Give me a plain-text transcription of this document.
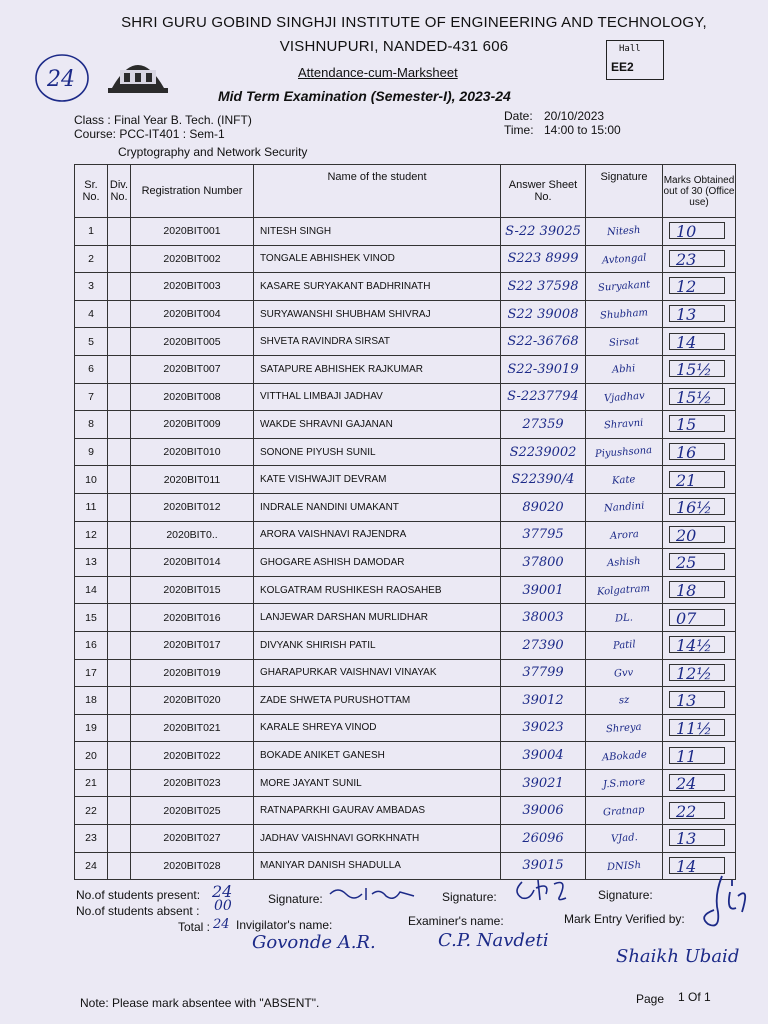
24
SHRI GURU GOBIND SINGHJI INSTITUTE OF ENGINEERING AND TECHNOLOGY,
VISHNUPURI, NANDED-431 606	Hall
EE2
Attendance-cum-Marksheet
Mid Term Examination (Semester-I), 2023-24
Class : Final Year B. Tech. (INFT)
Course: PCC-IT401 : Sem-1
Cryptography and Network Security
Date: 20/10/2023
Time: 14:00 to 15:00
Sr. No.	Div. No.	Registration Number	Name of the student	Answer Sheet No.	Signature	Marks Obtained out of 30 (Office use)
1		2020BIT001	NITESH SINGH	S-22 39025	Nitesh	10
2		2020BIT002	TONGALE ABHISHEK VINOD	S223 8999	Avtongal	23
3		2020BIT003	KASARE SURYAKANT BADHRINATH	S22 37598	Suryakant	12
4		2020BIT004	SURYAWANSHI SHUBHAM SHIVRAJ	S22 39008	Shubham	13
5		2020BIT005	SHVETA RAVINDRA SIRSAT	S22-36768	Sirsat	14
6		2020BIT007	SATAPURE ABHISHEK RAJKUMAR	S22-39019	Abhi	15½
7		2020BIT008	VITTHAL LIMBAJI JADHAV	S-2237794	Vjadhav	15½
8		2020BIT009	WAKDE SHRAVNI GAJANAN	27359	Shravni	15
9		2020BIT010	SONONE PIYUSH SUNIL	S2239002	Piyushsona	16
10		2020BIT011	KATE VISHWAJIT DEVRAM	S22390/4	Kate	21
11		2020BIT012	INDRALE NANDINI UMAKANT	89020	Nandini	16½
12		2020BIT0..	ARORA VAISHNAVI RAJENDRA	37795	Arora	20
13		2020BIT014	GHOGARE ASHISH DAMODAR	37800	Ashish	25
14		2020BIT015	KOLGATRAM RUSHIKESH RAOSAHEB	39001	Kolgatram	18
15		2020BIT016	LANJEWAR DARSHAN MURLIDHAR	38003	DL.	07
16		2020BIT017	DIVYANK SHIRISH PATIL	27390	Patil	14½
17		2020BIT019	GHARAPURKAR VAISHNAVI VINAYAK	37799	Gvv	12½
18		2020BIT020	ZADE SHWETA PURUSHOTTAM	39012	sz	13
19		2020BIT021	KARALE SHREYA VINOD	39023	Shreya	11½
20		2020BIT022	BOKADE ANIKET GANESH	39004	ABokade	11
21		2020BIT023	MORE JAYANT SUNIL	39021	J.S.more	24
22		2020BIT025	RATNAPARKHI GAURAV AMBADAS	39006	Gratnap	22
23		2020BIT027	JADHAV VAISHNAVI GORKHNATH	26096	VJad.	13
24		2020BIT028	MANIYAR DANISH SHADULLA	39015	DNISh	14
No.of students present: 24
No.of students absent : 00
Total : 24
Signature:	Signature:	Signature:
Invigilator's name:	Examiner's name:	Mark Entry Verified by:
Govonde A.R.	C.P. Navdeti
Shaikh Ubaid
Note: Please mark absentee with "ABSENT".	Page 1 Of 1
